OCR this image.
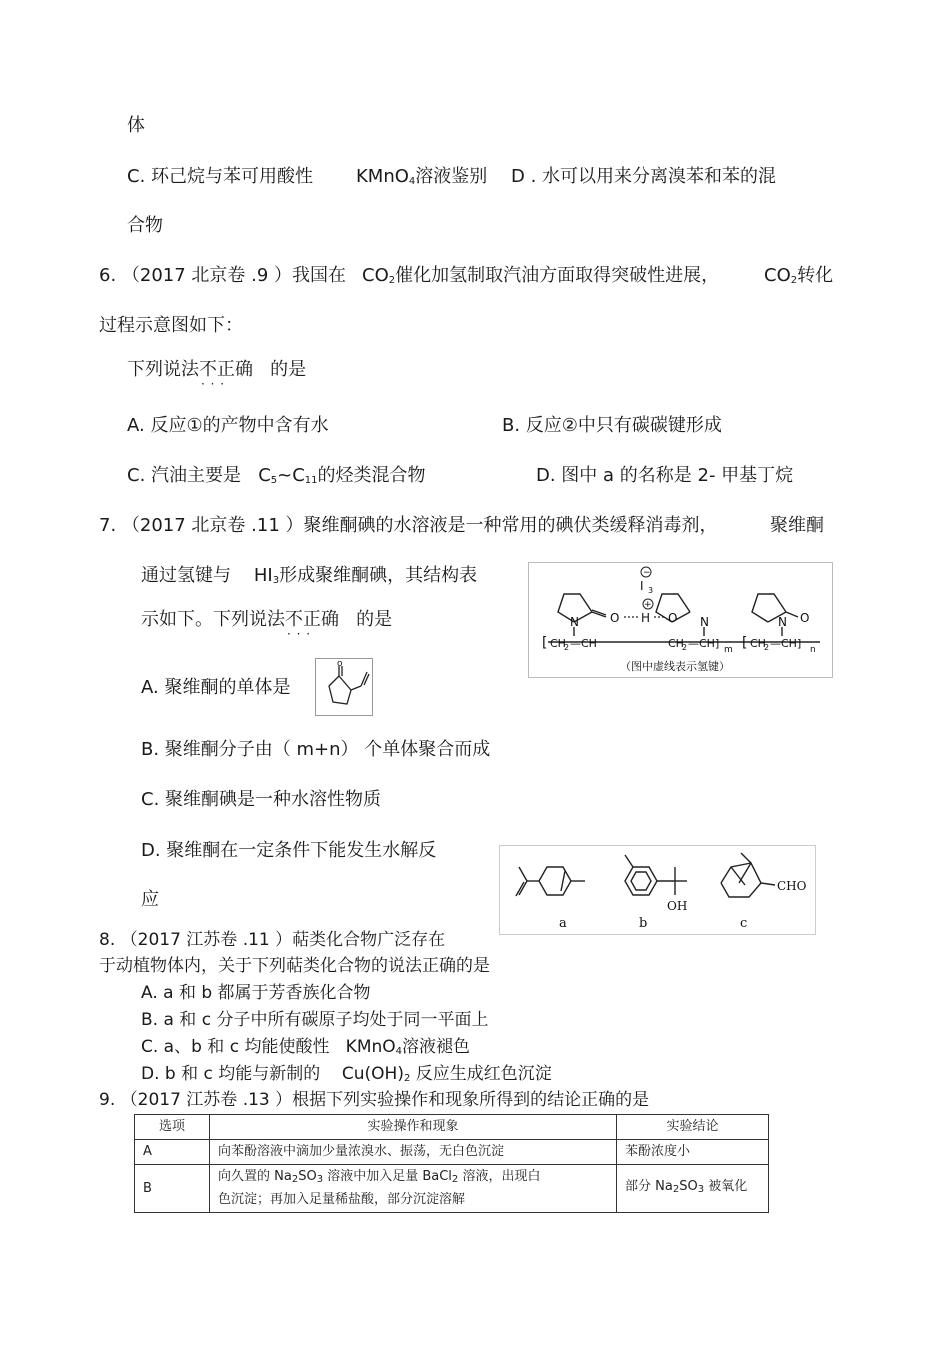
体
C. 环己烷与苯可用酸性 KMnO$_4$溶液鉴别 D . 水可以用来分离溴苯和苯的混
合物
6. （2017 北京卷 .9 ）我国在 $CO_2$催化加氢制取汽油方面取得突破性进展， $CO_2$转化
过程示意图如下：
下列说法不正确 · · · 的是
A. 反应①的产物中含有水	B. 反应②中只有碳碳键形成
C. 汽油主要是 $C_5\sim C_{11}$的烃类混合物	D. 图中 a 的名称是 2- 甲基丁烷
7. （2017 北京卷 .11 ）聚维酮碘的水溶液是一种常用的碘伏类缓释消毒剂，	聚维酮
通过氢键与 $HI_3$形成聚维酮碘，其结构表
示如下。下列说法不正确 · · · 的是
−
I 3
+
N	O H O N	N O
[ CH
2 —CH	CH
2 —CH] m [ CH
2 —CH] n
（图中虚线表示氢键）
A. 聚维酮的单体是
o
B. 聚维酮分子由（ m+n） 个单体聚合而成
C. 聚维酮碘是一种水溶性物质
D. 聚维酮在一定条件下能发生水解反
应
a	b	c
OH
CHO
8. （2017 江苏卷 .11 ）萜类化合物广泛存在
于动植物体内，关于下列萜类化合物的说法正确的是
A. a 和 b 都属于芳香族化合物
B. a 和 c 分子中所有碳原子均处于同一平面上
C. a、b 和 c 均能使酸性 KMnO$_4$溶液褪色
D. b 和 c 均能与新制的 $Cu(OH)_2$ 反应生成红色沉淀
9. （2017 江苏卷 .13 ）根据下列实验操作和现象所得到的结论正确的是
选项	实验操作和现象	实验结论
A	向苯酚溶液中滴加少量浓溴水、振荡，无白色沉淀	苯酚浓度小
B	向久置的 $Na_2SO_3$ 溶液中加入足量 BaCl$_2$ 溶液，出现白
色沉淀；再加入足量稀盐酸，部分沉淀溶解	部分 $Na_2SO_3$ 被氧化
